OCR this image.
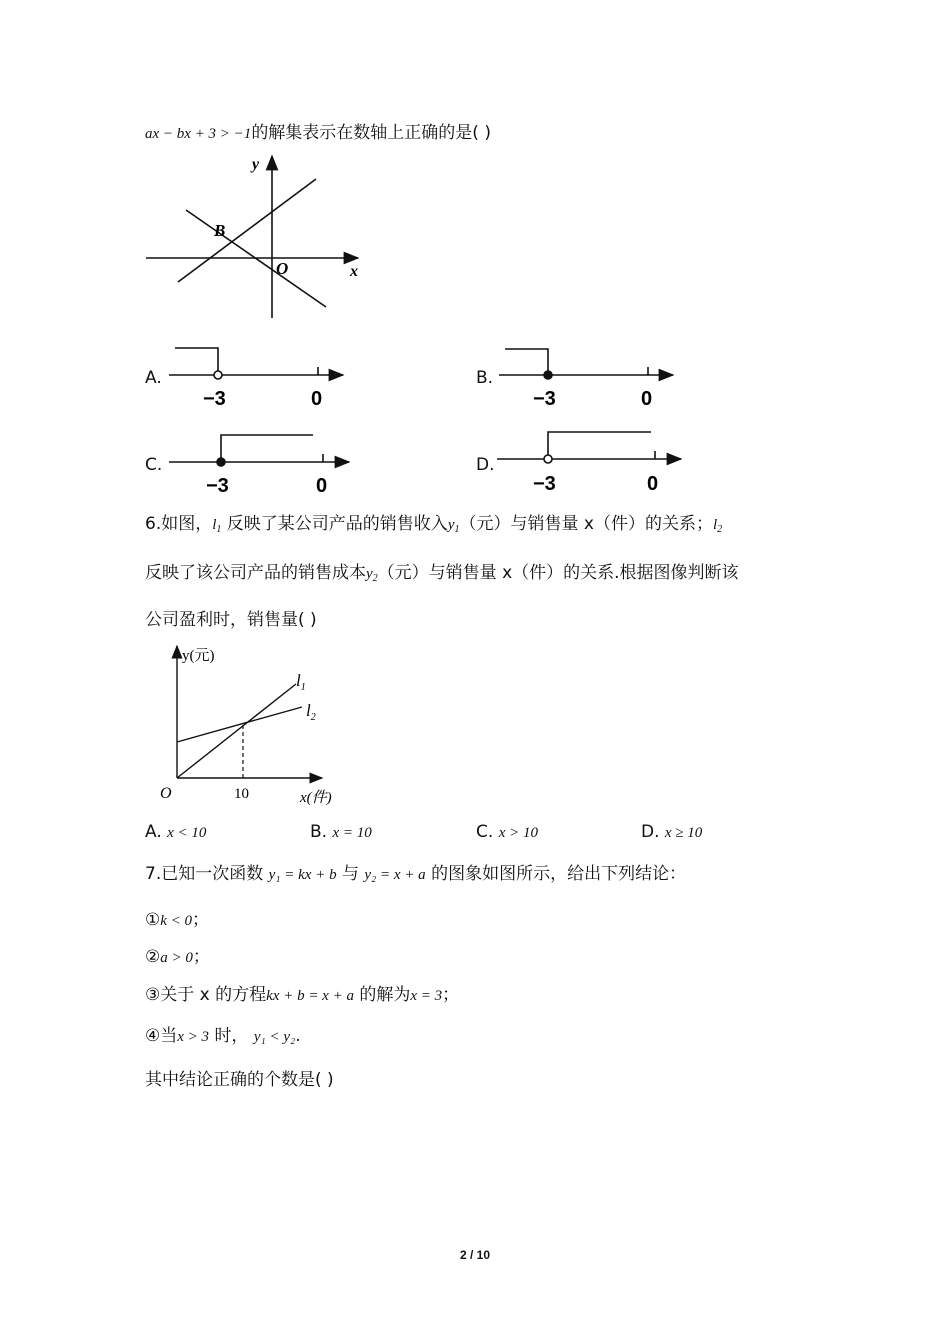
ax − bx + 3 > −1的解集表示在数轴上正确的是( )
y
x
B
O
A.
−3	0
B.
−3	0
C.
−3	0
D.
−3	0
6.如图，$l_1$ 反映了某公司产品的销售收入$y_1$（元）与销售量 x（件）的关系；$l_2$
反映了该公司产品的销售成本$y_2$（元）与销售量 x（件）的关系.根据图像判断该
公司盈利时，销售量( )
y(元)
x(件)
O	10
$l_1$
$l_2$
A. x < 10	B. x = 10	C. x > 10	D. x ≥ 10
7.已知一次函数 y₁ = kx + b 与 y₂ = x + a 的图象如图所示，给出下列结论：
①k < 0；
②a > 0；
③关于 x 的方程kx + b = x + a 的解为x = 3；
④当x > 3 时， y₁ < y₂.
其中结论正确的个数是( )
2 / 10
